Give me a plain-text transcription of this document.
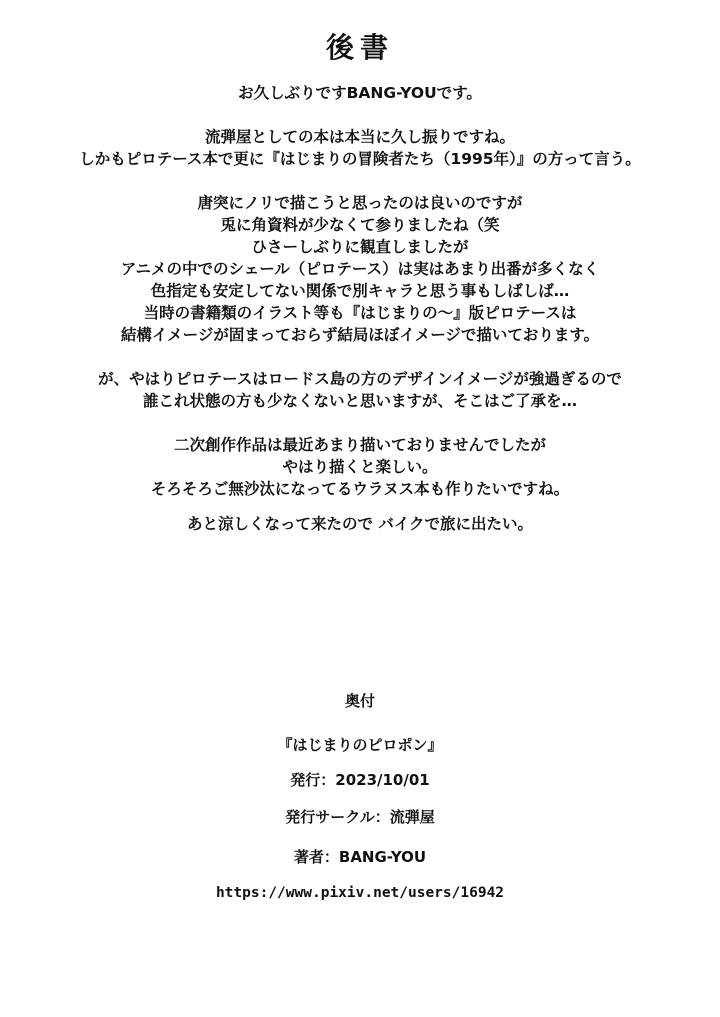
後書

お久しぶりですBANG-YOUです。

流弾屋としての本は本当に久し振りですね。
しかもピロテース本で更に『はじまりの冒険者たち（1995年）』の方って言う。

唐突にノリで描こうと思ったのは良いのですが
兎に角資料が少なくて参りましたね（笑
ひさーしぶりに観直しましたが
アニメの中でのシェール（ピロテース）は実はあまり出番が多くなく
色指定も安定してない関係で別キャラと思う事もしばしば…
当時の書籍類のイラスト等も『はじまりの～』版ピロテースは
結構イメージが固まっておらず結局ほぼイメージで描いております。

が、やはりピロテースはロードス島の方のデザインイメージが強過ぎるので
誰これ状態の方も少なくないと思いますが、そこはご了承を…

二次創作作品は最近あまり描いておりませんでしたが
やはり描くと楽しい。
そろそろご無沙汰になってるウラヌス本も作りたいですね。

あと涼しくなって来たので バイクで旅に出たい。
奥付
『はじまりのピロポン』
発行：2023/10/01
発行サークル：流弾屋
著者：BANG-YOU
https://www.pixiv.net/users/16942
